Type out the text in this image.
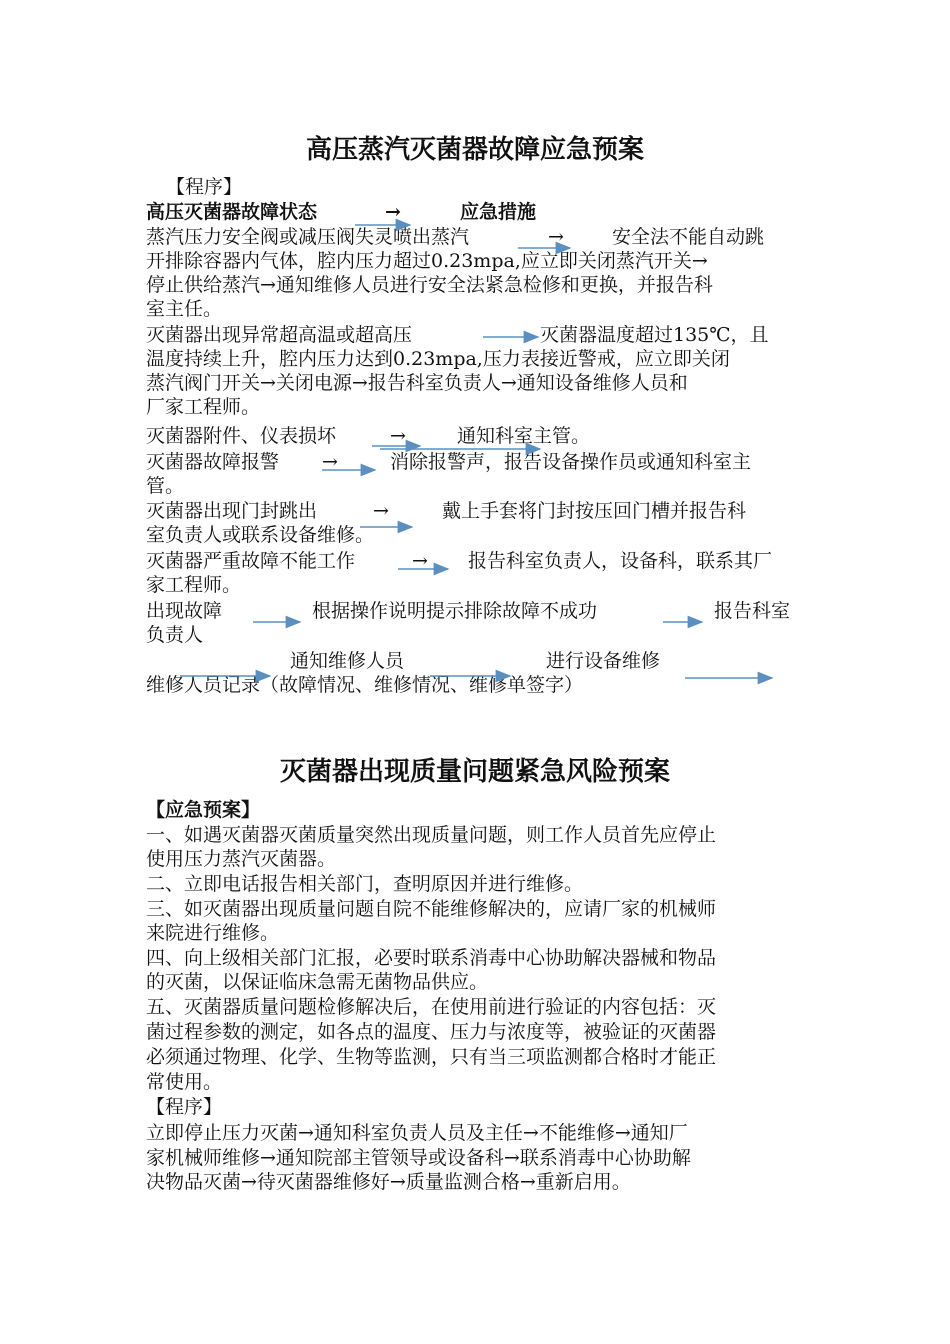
高压蒸汽灭菌器故障应急预案
【程序】
高压灭菌器故障状态	→	应急措施
蒸汽压力安全阀或减压阀失灵喷出蒸汽	→	安全法不能自动跳
开排除容器内气体，腔内压力超过0.23mpa,应立即关闭蒸汽开关→
停止供给蒸汽→通知维修人员进行安全法紧急检修和更换，并报告科
室主任。
灭菌器出现异常超高温或超高压	灭菌器温度超过135℃，且
温度持续上升，腔内压力达到0.23mpa,压力表接近警戒，应立即关闭
蒸汽阀门开关→关闭电源→报告科室负责人→通知设备维修人员和
厂家工程师。
灭菌器附件、仪表损坏	→	通知科室主管。
灭菌器故障报警 →	消除报警声，报告设备操作员或通知科室主
管。
灭菌器出现门封跳出	→	戴上手套将门封按压回门槽并报告科
室负责人或联系设备维修。
灭菌器严重故障不能工作	→ 报告科室负责人，设备科，联系其厂
家工程师。
出现故障	根据操作说明提示排除故障不成功	报告科室
负责人
通知维修人员	进行设备维修
维修人员记录（故障情况、维修情况、维修单签字）
灭菌器出现质量问题紧急风险预案
【应急预案】
一、如遇灭菌器灭菌质量突然出现质量问题，则工作人员首先应停止
使用压力蒸汽灭菌器。
二、立即电话报告相关部门，查明原因并进行维修。
三、如灭菌器出现质量问题自院不能维修解决的，应请厂家的机械师
来院进行维修。
四、向上级相关部门汇报，必要时联系消毒中心协助解决器械和物品
的灭菌，以保证临床急需无菌物品供应。
五、灭菌器质量问题检修解决后，在使用前进行验证的内容包括：灭
菌过程参数的测定，如各点的温度、压力与浓度等，被验证的灭菌器
必须通过物理、化学、生物等监测，只有当三项监测都合格时才能正
常使用。
【程序】
立即停止压力灭菌→通知科室负责人员及主任→不能维修→通知厂
家机械师维修→通知院部主管领导或设备科→联系消毒中心协助解
决物品灭菌→待灭菌器维修好→质量监测合格→重新启用。
